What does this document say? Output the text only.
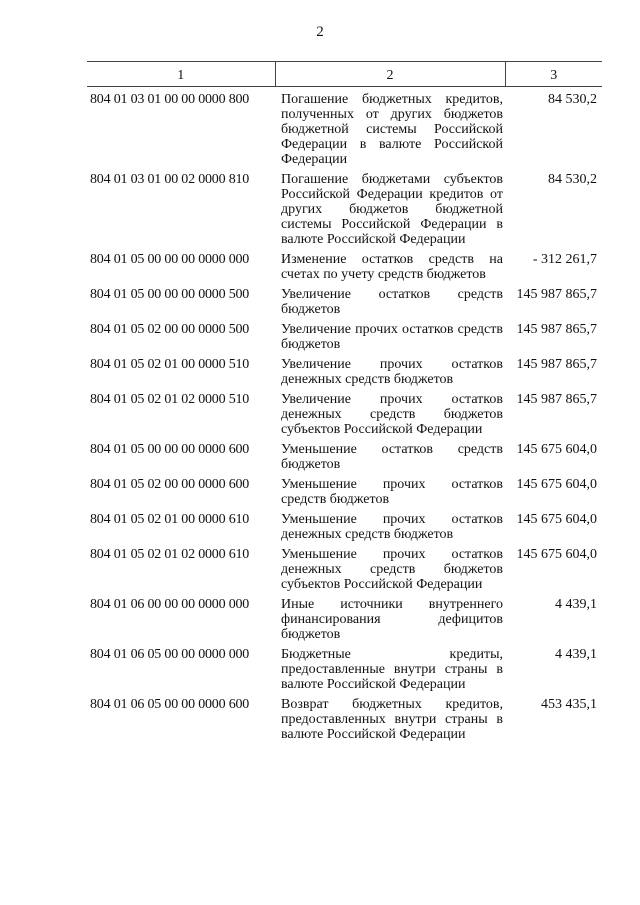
2
1	2	3
804 01 03 01 00 00 0000 800	Погашение бюджетных кредитов, полученных от других бюджетов бюджетной системы Российской Федерации в валюте Российской Федерации	84 530,2
804 01 03 01 00 02 0000 810	Погашение бюджетами субъектов Российской Федерации кредитов от других бюджетов бюджетной системы Российской Федерации в валюте Российской Федерации	84 530,2
804 01 05 00 00 00 0000 000	Изменение остатков средств на счетах по учету средств бюджетов	- 312 261,7
804 01 05 00 00 00 0000 500	Увеличение остатков средств бюджетов	145 987 865,7
804 01 05 02 00 00 0000 500	Увеличение прочих остатков средств бюджетов	145 987 865,7
804 01 05 02 01 00 0000 510	Увеличение прочих остатков денежных средств бюджетов	145 987 865,7
804 01 05 02 01 02 0000 510	Увеличение прочих остатков денежных средств бюджетов субъектов Российской Федерации	145 987 865,7
804 01 05 00 00 00 0000 600	Уменьшение остатков средств бюджетов	145 675 604,0
804 01 05 02 00 00 0000 600	Уменьшение прочих остатков средств бюджетов	145 675 604,0
804 01 05 02 01 00 0000 610	Уменьшение прочих остатков денежных средств бюджетов	145 675 604,0
804 01 05 02 01 02 0000 610	Уменьшение прочих остатков денежных средств бюджетов субъектов Российской Федерации	145 675 604,0
804 01 06 00 00 00 0000 000	Иные источники внутреннего финансирования дефицитов бюджетов	4 439,1
804 01 06 05 00 00 0000 000	Бюджетные кредиты, предоставленные внутри страны в валюте Российской Федерации	4 439,1
804 01 06 05 00 00 0000 600	Возврат бюджетных кредитов, предоставленных внутри страны в валюте Российской Федерации	453 435,1
